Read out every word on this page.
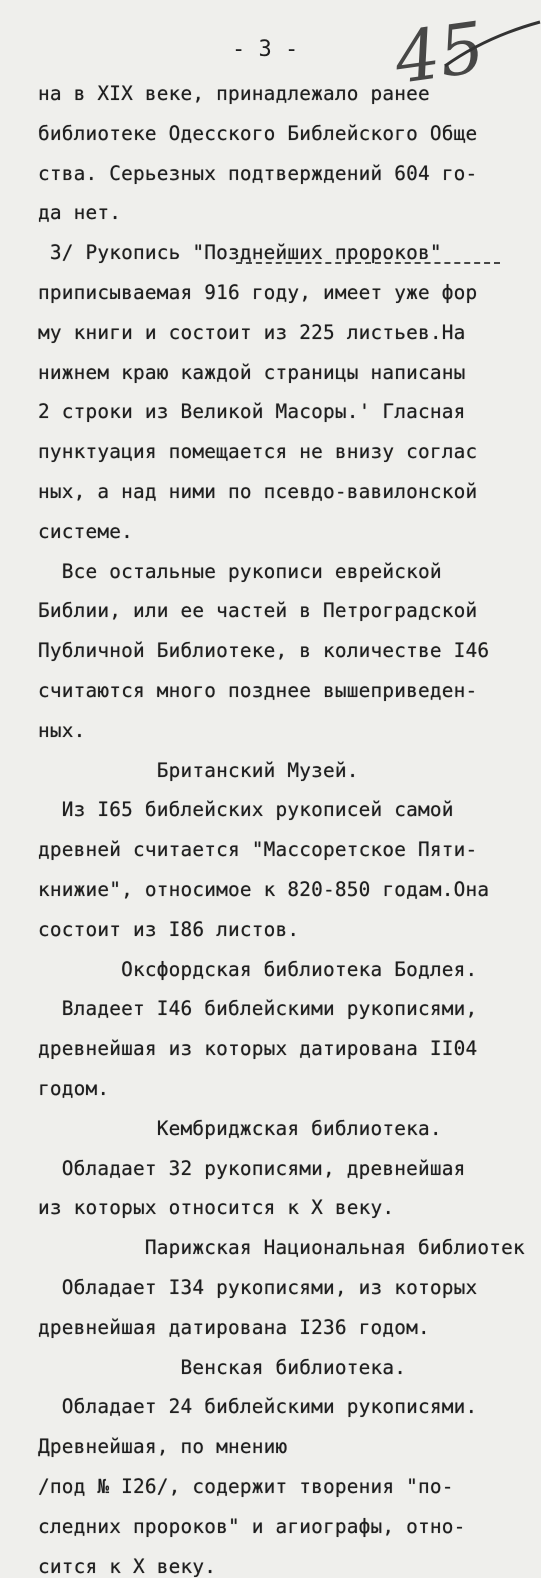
- 3 - 45
на в XIX веке, принадлежало ранее
библиотеке Одесского Библейского Обще
ства. Серьезных подтверждений 604 го-
да нет.
3/ Рукопись "Позднейших пророков"
приписываемая 916 году, имеет уже фор
му книги и состоит из 225 листьев.На
нижнем краю каждой страницы написаны
2 строки из Великой Масоры.' Гласная
пунктуация помещается не внизу соглас
ных, а над ними по псевдо-вавилонской
системе.
Все остальные рукописи еврейской
Библии, или ее частей в Петроградской
Публичной Библиотеке, в количестве I46
считаются много позднее вышеприведен-
ных.
Британский Музей.
Из I65 библейских рукописей самой
древней считается "Массоретское Пяти-
книжие", относимое к 820-850 годам.Она
состоит из I86 листов.
Оксфордская библиотека Бодлея.
Владеет I46 библейскими рукописями,
древнейшая из которых датирована II04
годом.
Кембриджская библиотека.
Обладает 32 рукописями, древнейшая
из которых относится к X веку.
Парижская Национальная библиотек
Обладает I34 рукописями, из которых
древнейшая датирована I236 годом.
Венская библиотека.
Обладает 24 библейскими рукописями.
Древнейшая, по мнению
/под № I26/, содержит творения "по-
следних пророков" и агиографы, отно-
сится к X веку.
